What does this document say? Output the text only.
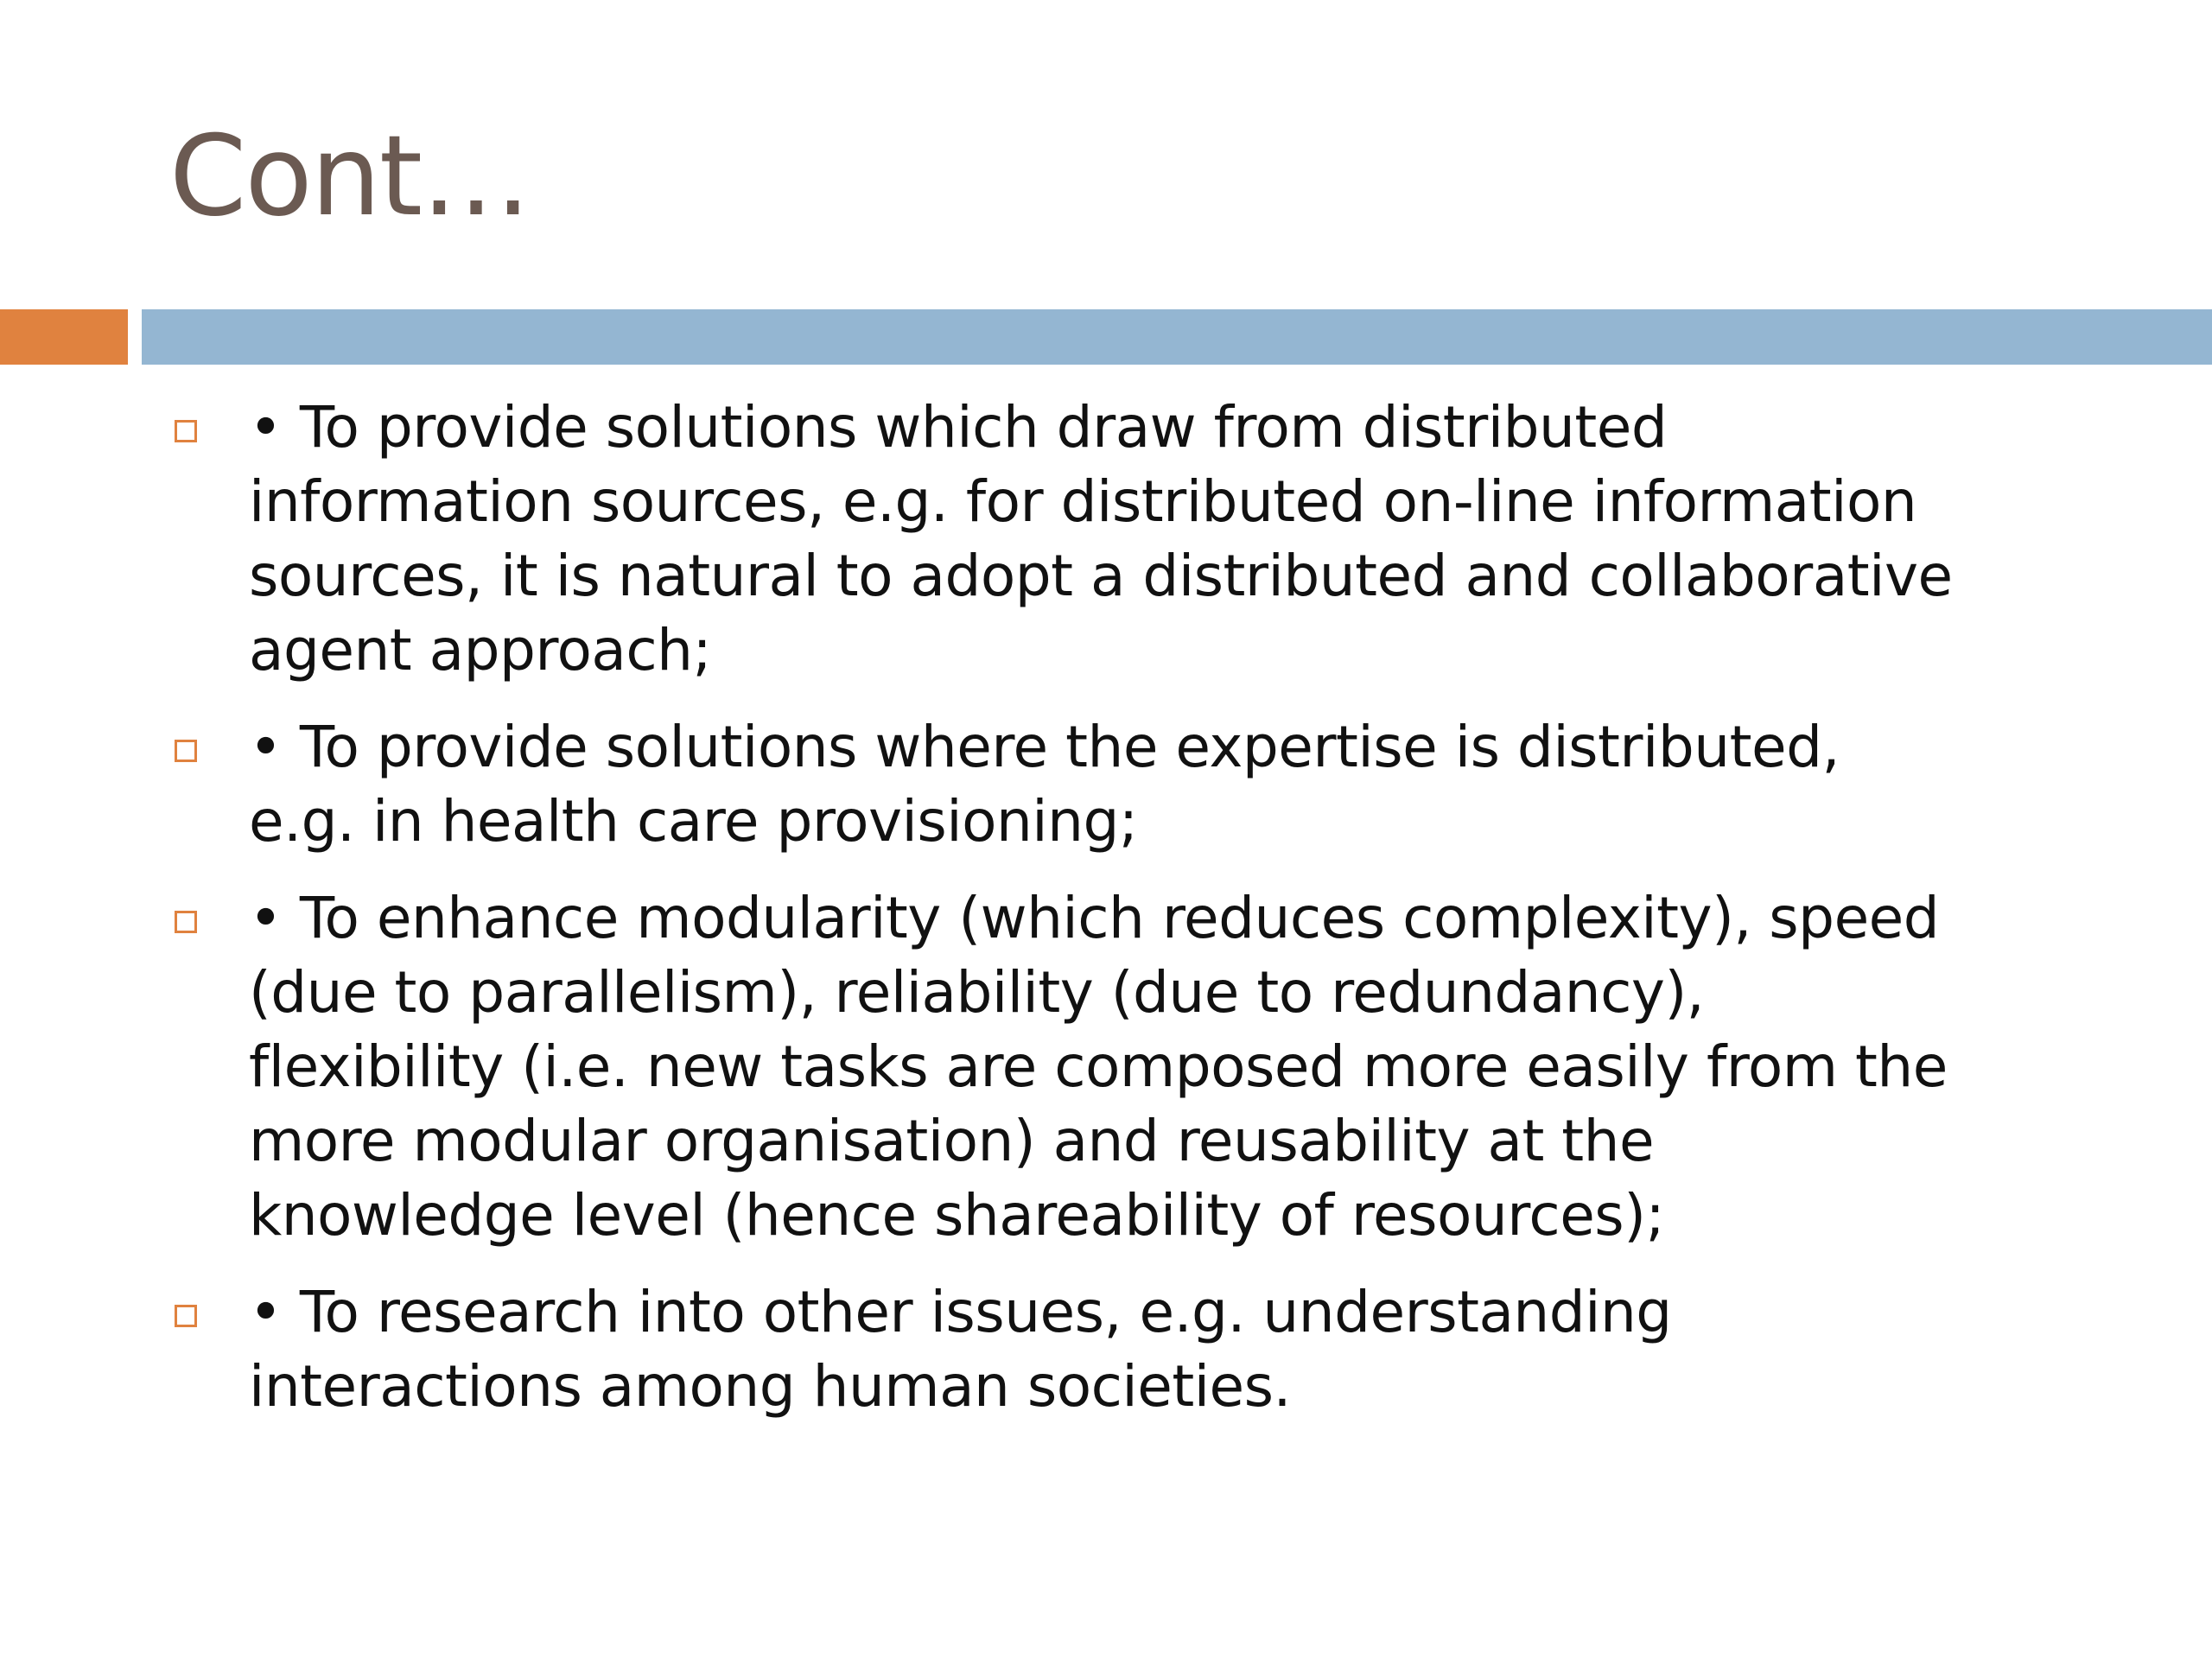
Cont…
• To provide solutions which draw from distributed
information sources, e.g. for distributed on-line information
sources, it is natural to adopt a distributed and collaborative
agent approach;
• To provide solutions where the expertise is distributed,
e.g. in health care provisioning;
• To enhance modularity (which reduces complexity), speed
(due to parallelism), reliability (due to redundancy),
flexibility (i.e. new tasks are composed more easily from the
more modular organisation) and reusability at the
knowledge level (hence shareability of resources);
• To research into other issues, e.g. understanding
interactions among human societies.
